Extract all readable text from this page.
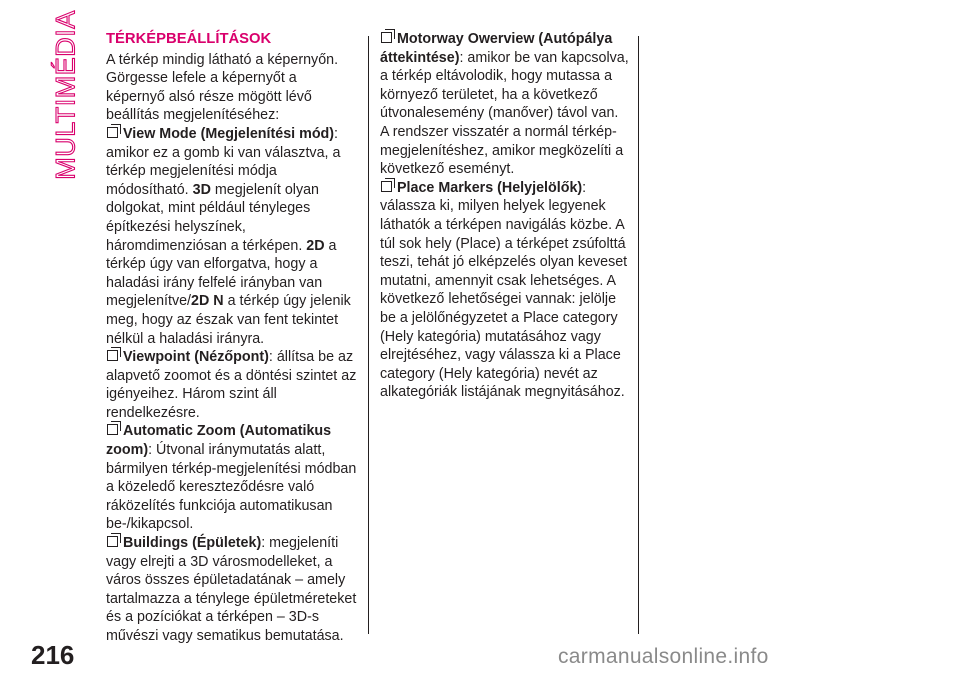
MULTIMÉDIA TÉRKÉPBEÁLLÍTÁSOK

A térkép mindig látható a képernyőn. Görgesse lefele a képernyőt a képernyő alsó része mögött lévő beállítás megjelenítéséhez:

View Mode (Megjelenítési mód): amikor ez a gomb ki van választva, a térkép megjelenítési módja módosítható. 3D megjelenít olyan dolgokat, mint például tényleges építkezési helyszínek, háromdimenziósan a térképen. 2D a térkép úgy van elforgatva, hogy a haladási irány felfelé irányban van megjelenítve/2D N a térkép úgy jelenik meg, hogy az észak van fent tekintet nélkül a haladási irányra.

Viewpoint (Nézőpont): állítsa be az alapvető zoomot és a döntési szintet az igényeihez. Három szint áll rendelkezésre.

Automatic Zoom (Automatikus zoom): Útvonal iránymutatás alatt, bármilyen térkép-megjelenítési módban a közeledő kereszteződésre való ráközelítés funkciója automatikusan be-/kikapcsol.

Buildings (Épületek): megjeleníti vagy elrejti a 3D városmodelleket, a város összes épületadatának – amely tartalmazza a ténylege épületméreteket és a pozíciókat a térképen – 3D-s művészi vagy sematikus bemutatása.

Motorway Owerview (Autópálya áttekintése): amikor be van kapcsolva, a térkép eltávolodik, hogy mutassa a környező területet, ha a következő útvonalesemény (manőver) távol van. A rendszer visszatér a normál térkép-megjelenítéshez, amikor megközelíti a következő eseményt.

Place Markers (Helyjelölők): válassza ki, milyen helyek legyenek láthatók a térképen navigálás közbe. A túl sok hely (Place) a térképet zsúfolttá teszi, tehát jó elképzelés olyan keveset mutatni, amennyit csak lehetséges. A következő lehetőségei vannak: jelölje be a jelölőnégyzetet a Place category (Hely kategória) mutatásához vagy elrejtéséhez, vagy válassza ki a Place category (Hely kategória) nevét az alkategóriák listájának megnyitásához.

216	carmanualsonline.info
